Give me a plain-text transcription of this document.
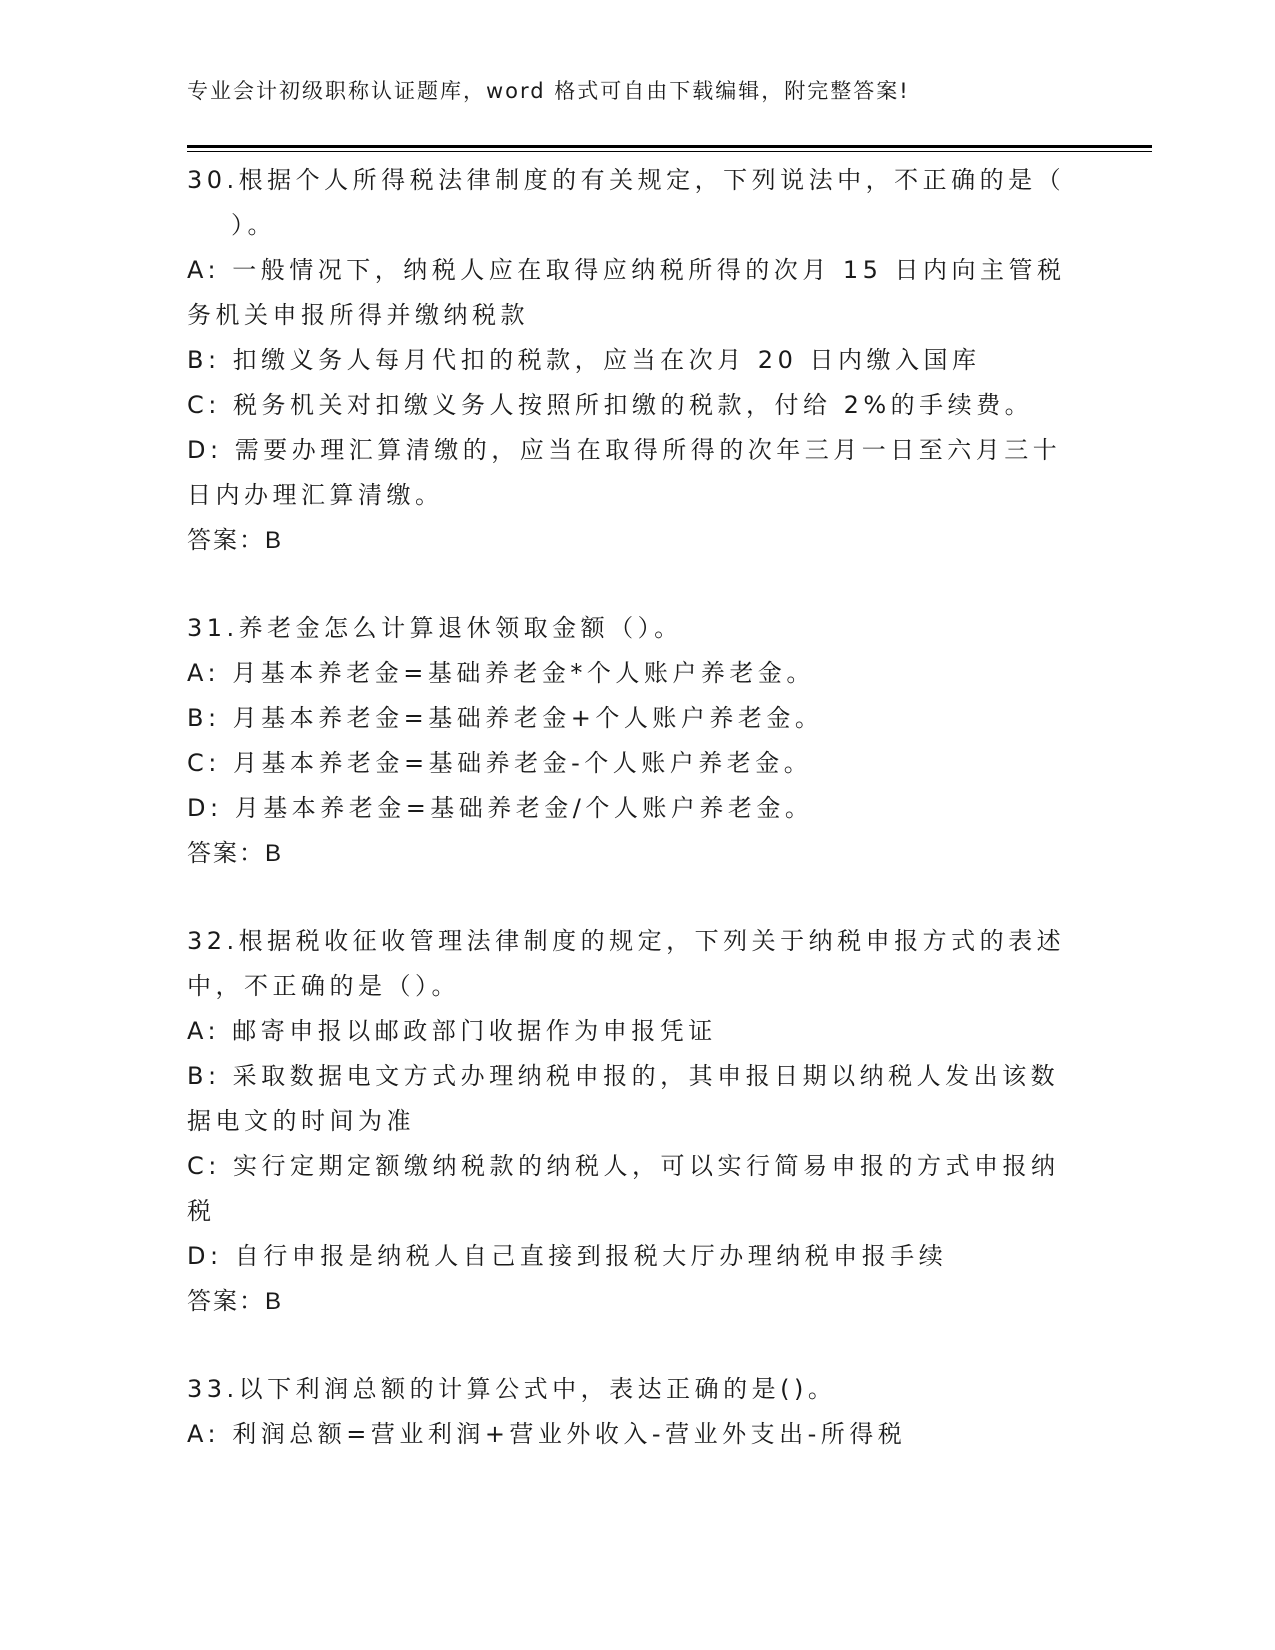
专业会计初级职称认证题库，word 格式可自由下载编辑，附完整答案!
30.根据个人所得税法律制度的有关规定，下列说法中，不正确的是（
）。
A: 一般情况下，纳税人应在取得应纳税所得的次月 15 日内向主管税
务机关申报所得并缴纳税款
B: 扣缴义务人每月代扣的税款，应当在次月 20 日内缴入国库
C: 税务机关对扣缴义务人按照所扣缴的税款，付给 2%的手续费。
D: 需要办理汇算清缴的，应当在取得所得的次年三月一日至六月三十
日内办理汇算清缴。
答案：B
31.养老金怎么计算退休领取金额（）。
A: 月基本养老金=基础养老金*个人账户养老金。
B: 月基本养老金=基础养老金+个人账户养老金。
C: 月基本养老金=基础养老金-个人账户养老金。
D: 月基本养老金=基础养老金/个人账户养老金。
答案：B
32.根据税收征收管理法律制度的规定，下列关于纳税申报方式的表述
中，不正确的是（）。
A: 邮寄申报以邮政部门收据作为申报凭证
B: 采取数据电文方式办理纳税申报的，其申报日期以纳税人发出该数
据电文的时间为准
C: 实行定期定额缴纳税款的纳税人，可以实行简易申报的方式申报纳
税
D: 自行申报是纳税人自己直接到报税大厅办理纳税申报手续
答案：B
33.以下利润总额的计算公式中，表达正确的是()。
A: 利润总额=营业利润+营业外收入-营业外支出-所得税
